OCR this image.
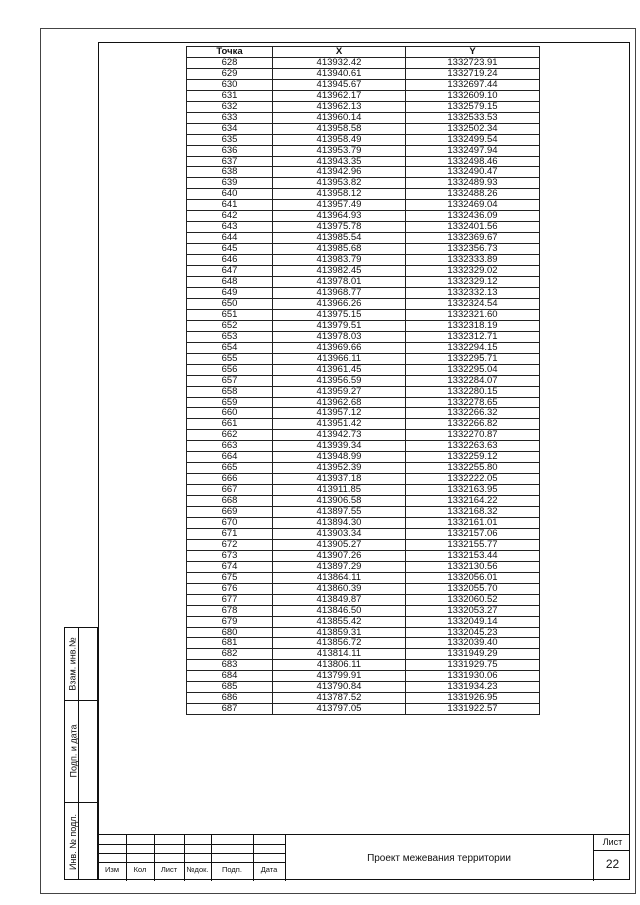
Точка	X	Y
628	413932.42	1332723.91
629	413940.61	1332719.24
630	413945.67	1332697.44
631	413962.17	1332609.10
632	413962.13	1332579.15
633	413960.14	1332533.53
634	413958.58	1332502.34
635	413958.49	1332499.54
636	413953.79	1332497.94
637	413943.35	1332498.46
638	413942.96	1332490.47
639	413953.82	1332489.93
640	413958.12	1332488.26
641	413957.49	1332469.04
642	413964.93	1332436.09
643	413975.78	1332401.56
644	413985.54	1332369.67
645	413985.68	1332356.73
646	413983.79	1332333.89
647	413982.45	1332329.02
648	413978.01	1332329.12
649	413968.77	1332332.13
650	413966.26	1332324.54
651	413975.15	1332321.60
652	413979.51	1332318.19
653	413978.03	1332312.71
654	413969.66	1332294.15
655	413966.11	1332295.71
656	413961.45	1332295.04
657	413956.59	1332284.07
658	413959.27	1332280.15
659	413962.68	1332278.65
660	413957.12	1332266.32
661	413951.42	1332266.82
662	413942.73	1332270.87
663	413939.34	1332263.63
664	413948.99	1332259.12
665	413952.39	1332255.80
666	413937.18	1332222.05
667	413911.85	1332163.95
668	413906.58	1332164.22
669	413897.55	1332168.32
670	413894.30	1332161.01
671	413903.34	1332157.06
672	413905.27	1332155.77
673	413907.26	1332153.44
674	413897.29	1332130.56
675	413864.11	1332056.01
676	413860.39	1332055.70
677	413849.87	1332060.52
678	413846.50	1332053.27
679	413855.42	1332049.14
680	413859.31	1332045.23
681	413856.72	1332039.40
682	413814.11	1331949.29
683	413806.11	1331929.75
684	413799.91	1331930.06
685	413790.84	1331934.23
686	413787.52	1331926.95
687	413797.05	1331922.57
Взам. инв.№
Подп. и дата
Инв. № подл.	Изм	Кол	Лист	№док.	Подп.	Дата
Проект межевания территории
Лист
22
